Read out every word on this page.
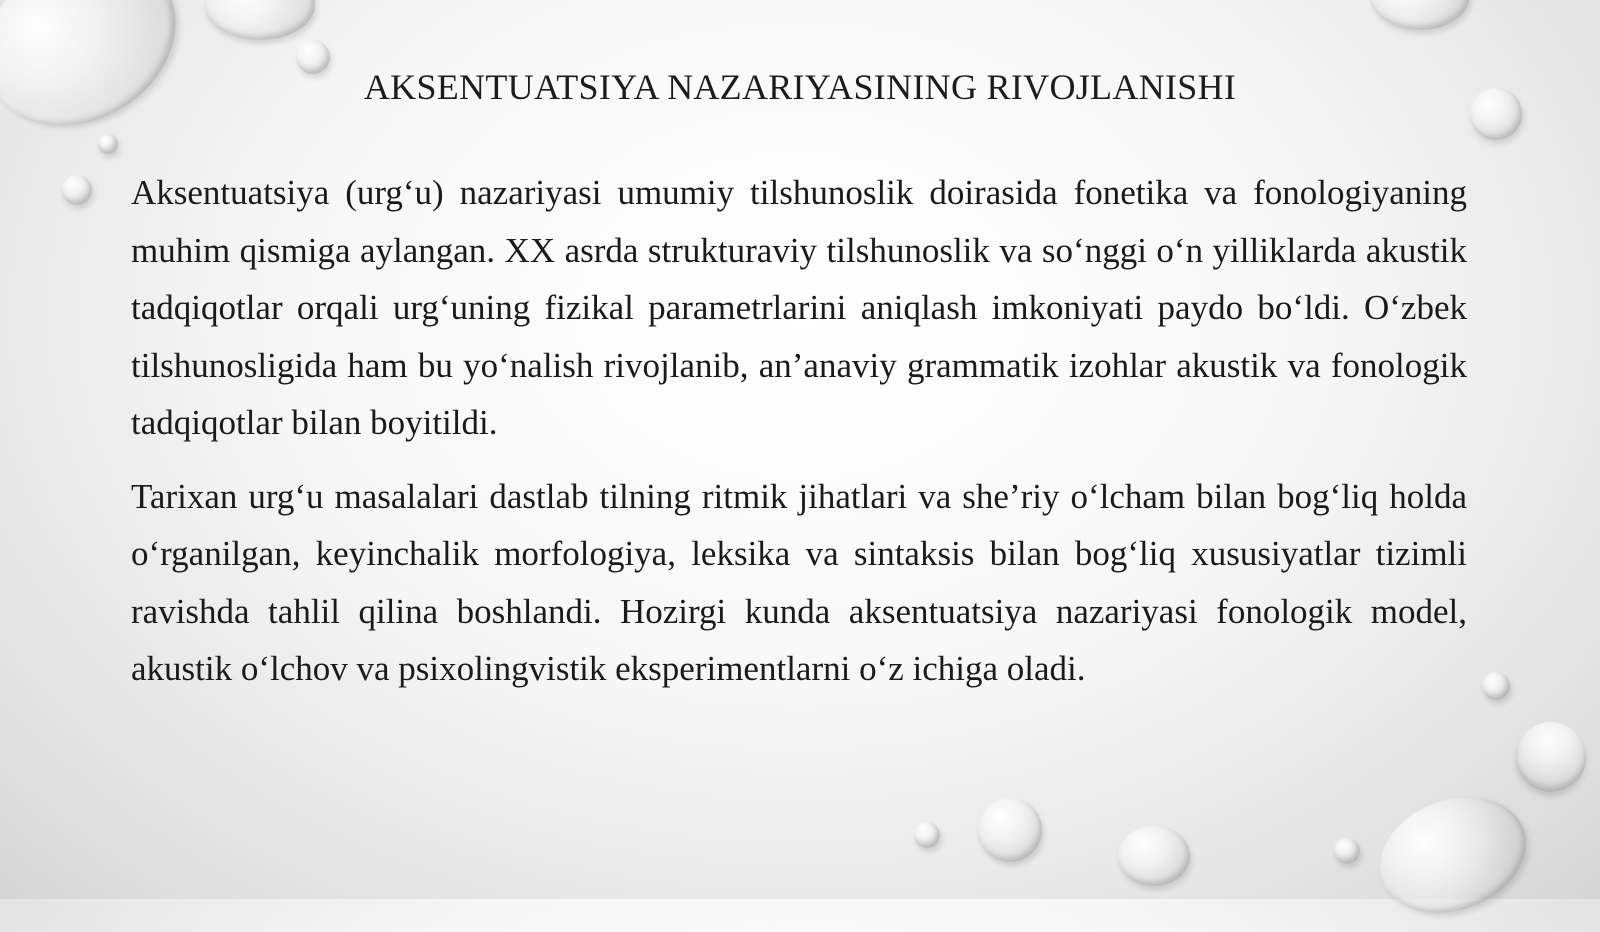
AKSENTUATSIYA NAZARIYASINING RIVOJLANISHI

Aksentuatsiya (urg‘u) nazariyasi umumiy tilshunoslik doirasida fonetika va fonologiyaning muhim qismiga aylangan. XX asrda strukturaviy tilshunoslik va so‘nggi o‘n yilliklarda akustik tadqiqotlar orqali urg‘uning fizikal parametrlarini aniqlash imkoniyati paydo bo‘ldi. O‘zbek tilshunosligida ham bu yo‘nalish rivojlanib, an’anaviy grammatik izohlar akustik va fonologik tadqiqotlar bilan boyitildi.

Tarixan urg‘u masalalari dastlab tilning ritmik jihatlari va she’riy o‘lcham bilan bog‘liq holda o‘rganilgan, keyinchalik morfologiya, leksika va sintaksis bilan bog‘liq xususiyatlar tizimli ravishda tahlil qilina boshlandi. Hozirgi kunda aksentuatsiya nazariyasi fonologik model, akustik o‘lchov va psixolingvistik eksperimentlarni o‘z ichiga oladi.
